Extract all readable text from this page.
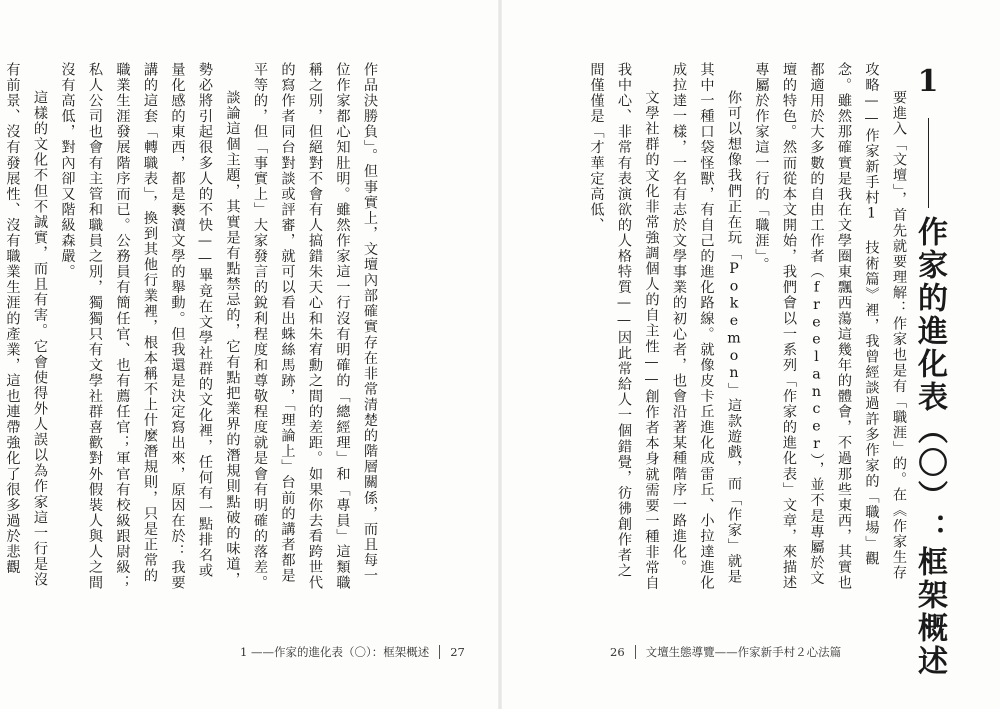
作品決勝負」。但事實上，文壇內部確實存在非常清楚的階層關係，而且每一位作家都心知肚明。雖然作家這一行沒有明確的「總經理」和「專員」這類職稱之別，但絕對不會有人搞錯朱天心和朱宥勳之間的差距。如果你去看跨世代的寫作者同台對談或評審，就可以看出蛛絲馬跡，「理論上」台前的講者都是平等的，但「事實上」大家發言的銳利程度和尊敬程度就是會有明確的落差。

談論這個主題，其實是有點禁忌的，它有點把業界的潛規則點破的味道，勢必將引起很多人的不快——畢竟在文學社群的文化裡，任何有一點排名或量化感的東西，都是褻瀆文學的舉動。但我還是決定寫出來，原因在於：我要講的這套「轉職表」，換到其他行業裡，根本稱不上什麼潛規則，只是正常的職業生涯發展階序而已。公務員有簡任官、也有薦任官；軍官有校級跟尉級；私人公司也會有主管和職員之別，獨獨只有文學社群喜歡對外假裝人與人之間沒有高低，對內卻又階級森嚴。

這樣的文化不但不誠實，而且有害。它會使得外人誤以為作家這一行是沒有前景、沒有發展性、沒有職業生涯的產業，這也連帶強化了很多過於悲觀

1 ——作家的進化表（〇）：框架概述 27
1
作家的進化表（〇）：框架概述

要進入「文壇」，首先就要理解：作家也是有「職涯」的。在《作家生存攻略——作家新手村1 技術篇》裡，我曾經談過許多作家的「職場」觀念。雖然那確實是我在文學圈東飄西蕩這幾年的體會，不過那些東西，其實也都適用於大多數的自由工作者（freelancer），並不是專屬於文壇的特色。然而從本文開始，我們會以一系列「作家的進化表」文章，來描述專屬於作家這一行的「職涯」。

你可以想像我們正在玩「Pokemon」這款遊戲，而「作家」就是其中一種口袋怪獸，有自己的進化路線。就像皮卡丘進化成雷丘、小拉達進化成拉達一樣，一名有志於文學事業的初心者，也會沿著某種階序一路進化。

文學社群的文化非常強調個人的自主性——創作者本身就需要一種非常自我中心、非常有表演欲的人格特質——因此常給人一個錯覺，彷彿創作者之間僅僅是「才華定高低、

26 文壇生態導覽——作家新手村２心法篇
